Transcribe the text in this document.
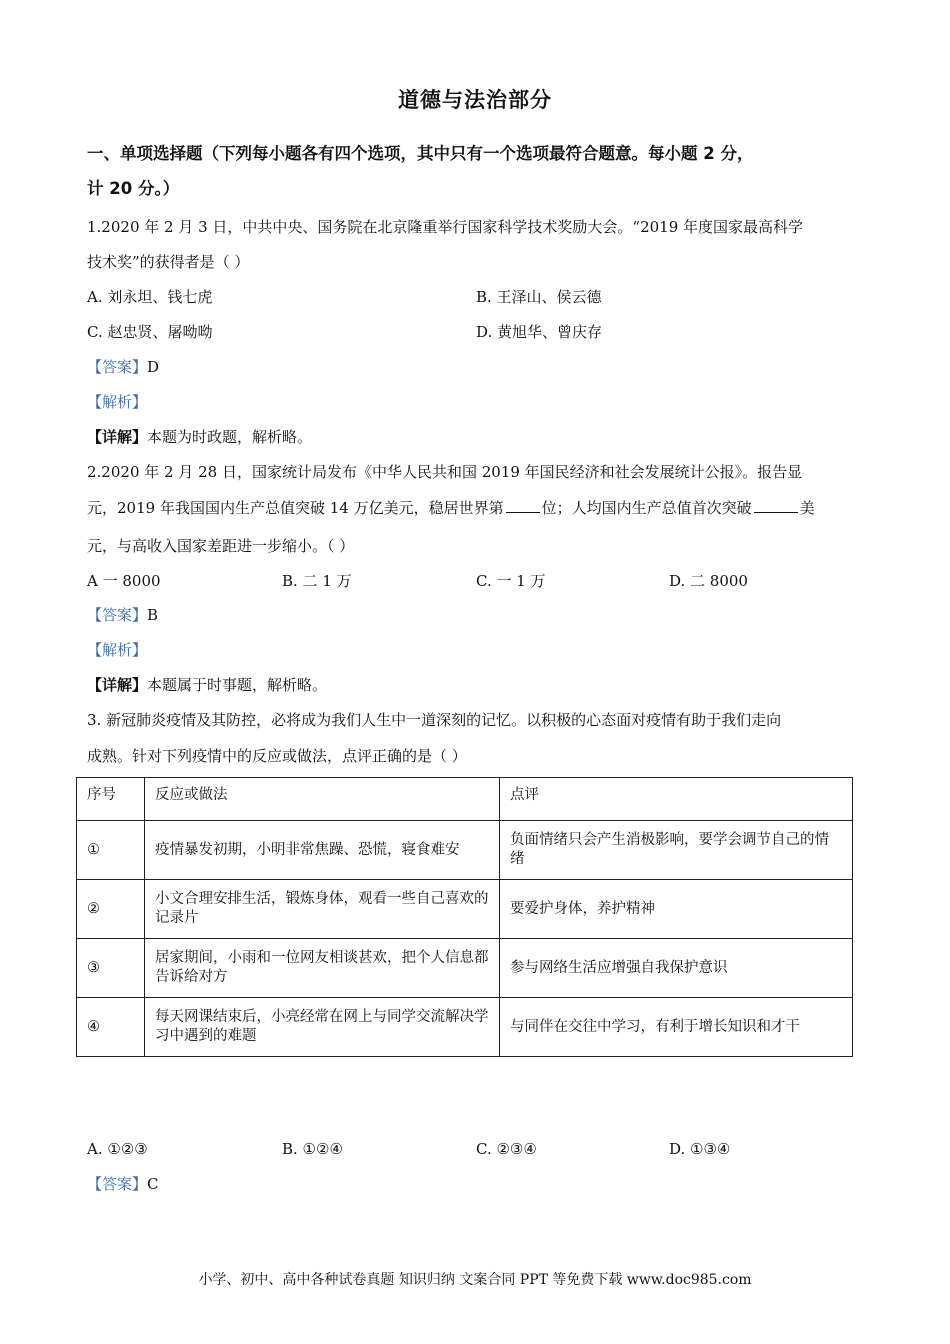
道德与法治部分
一、单项选择题（下列每小题各有四个选项，其中只有一个选项最符合题意。每小题 2 分，
计 20 分。）
1.2020 年 2 月 3 日，中共中央、国务院在北京隆重举行国家科学技术奖励大会。“2019 年度国家最高科学
技术奖”的获得者是（ ）
A. 刘永坦、钱七虎	B. 王泽山、侯云德
C. 赵忠贤、屠呦呦	D. 黄旭华、曾庆存
【答案】D
【解析】
【详解】本题为时政题，解析略。
2.2020 年 2 月 28 日，国家统计局发布《中华人民共和国 2019 年国民经济和社会发展统计公报》。报告显
元，2019 年我国国内生产总值突破 14 万亿美元，稳居世界第	位；人均国内生产总值首次突破	美
元，与高收入国家差距进一步缩小。（ ）
A 一 8000	B. 二 1 万	C. 一 1 万	D. 二 8000
【答案】B
【解析】
【详解】本题属于时事题，解析略。
3. 新冠肺炎疫情及其防控，必将成为我们人生中一道深刻的记忆。以积极的心态面对疫情有助于我们走向
成熟。针对下列疫情中的反应或做法，点评正确的是（ ）
序号	反应或做法	点评
①	疫情暴发初期，小明非常焦躁、恐慌，寝食难安	负面情绪只会产生消极影响，要学会调节自己的情绪
②	小文合理安排生活，锻炼身体，观看一些自己喜欢的记录片	要爱护身体，养护精神
③	居家期间，小雨和一位网友相谈甚欢，把个人信息都告诉给对方	参与网络生活应增强自我保护意识
④	每天网课结束后，小亮经常在网上与同学交流解决学习中遇到的难题	与同伴在交往中学习，有利于增长知识和才干
A. ①②③	B. ①②④	C. ②③④	D. ①③④
【答案】C
小学、初中、高中各种试卷真题 知识归纳 文案合同 PPT 等免费下载 www.doc985.com
